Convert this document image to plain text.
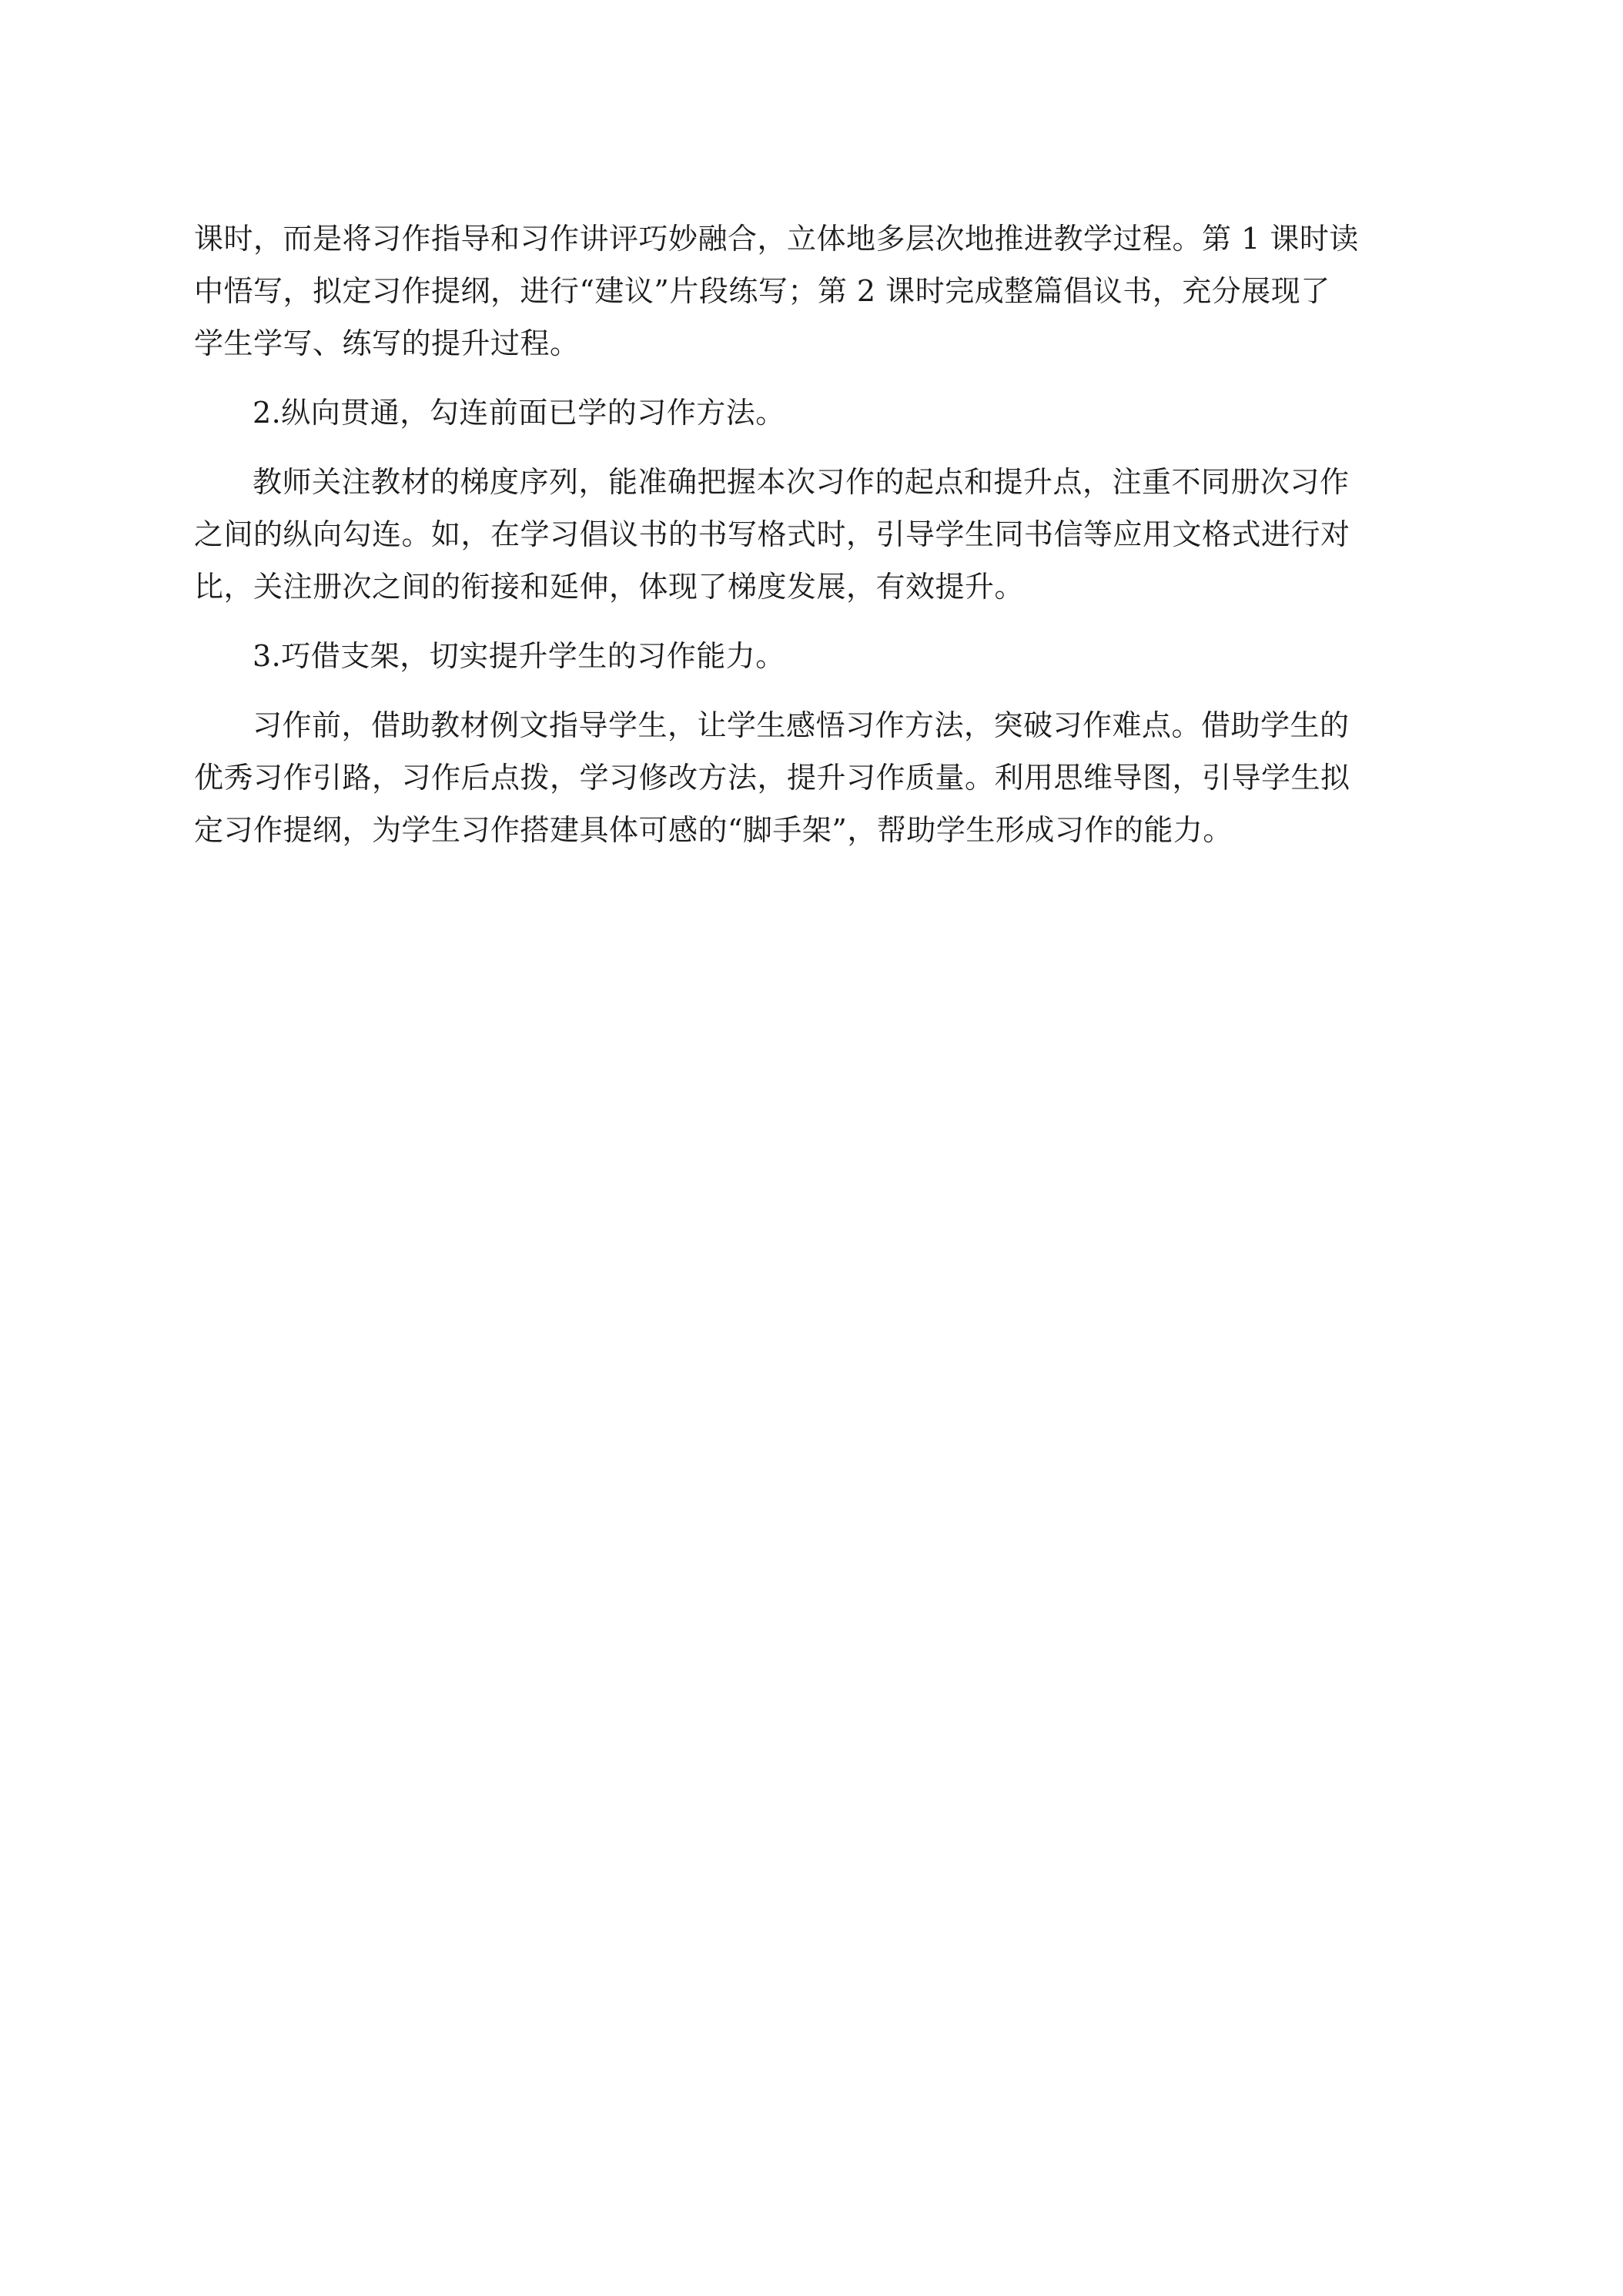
课时，而是将习作指导和习作讲评巧妙融合，立体地多层次地推进教学过程。第 1 课时读
中悟写，拟定习作提纲，进行“建议”片段练写；第 2 课时完成整篇倡议书，充分展现了
学生学写、练写的提升过程。
2.纵向贯通，勾连前面已学的习作方法。
教师关注教材的梯度序列，能准确把握本次习作的起点和提升点，注重不同册次习作
之间的纵向勾连。如，在学习倡议书的书写格式时，引导学生同书信等应用文格式进行对
比，关注册次之间的衔接和延伸，体现了梯度发展，有效提升。
3.巧借支架，切实提升学生的习作能力。
习作前，借助教材例文指导学生，让学生感悟习作方法，突破习作难点。借助学生的
优秀习作引路，习作后点拨，学习修改方法，提升习作质量。利用思维导图，引导学生拟
定习作提纲，为学生习作搭建具体可感的“脚手架”，帮助学生形成习作的能力。
